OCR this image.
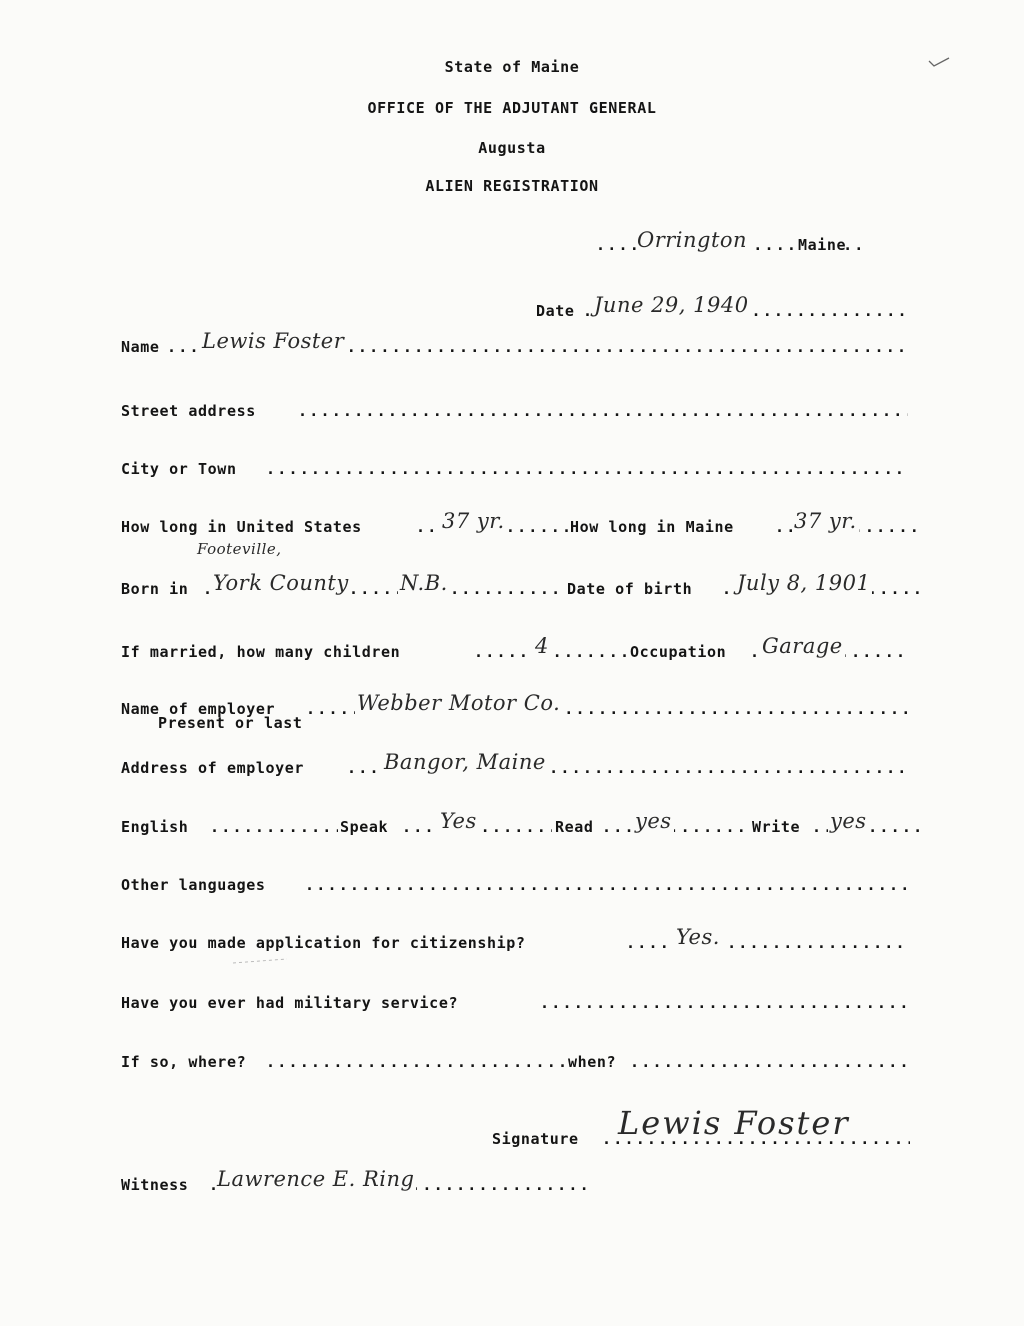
State of Maine
OFFICE OF THE ADJUTANT GENERAL
Augusta
ALIEN REGISTRATION
.....
Orrington	Maine
Date ..... June 29, 1940
Name ..... Lewis Foster
Street address
.....
City or Town
.....
How long in United States .....	37 yr.	How long in Maine .....	37 yr.
Footeville,
Born in ..... York County N.B.	Date of birth ..... July 8, 1901
If married, how many children .....	4	Occupation ..... Garage
Name of employer .....	Webber Motor Co.
Present or last
Address of employer .....	Bangor, Maine
English .....	Speak ..... Yes	Read ..... yes	Write ..... yes
Other languages
.....
Have you made application for citizenship? .....	Yes.
Have you ever had military service?
.....
If so, where? .....	when?
.....
Signature ..... Lewis Foster
Witness ..... Lawrence E. Ring
